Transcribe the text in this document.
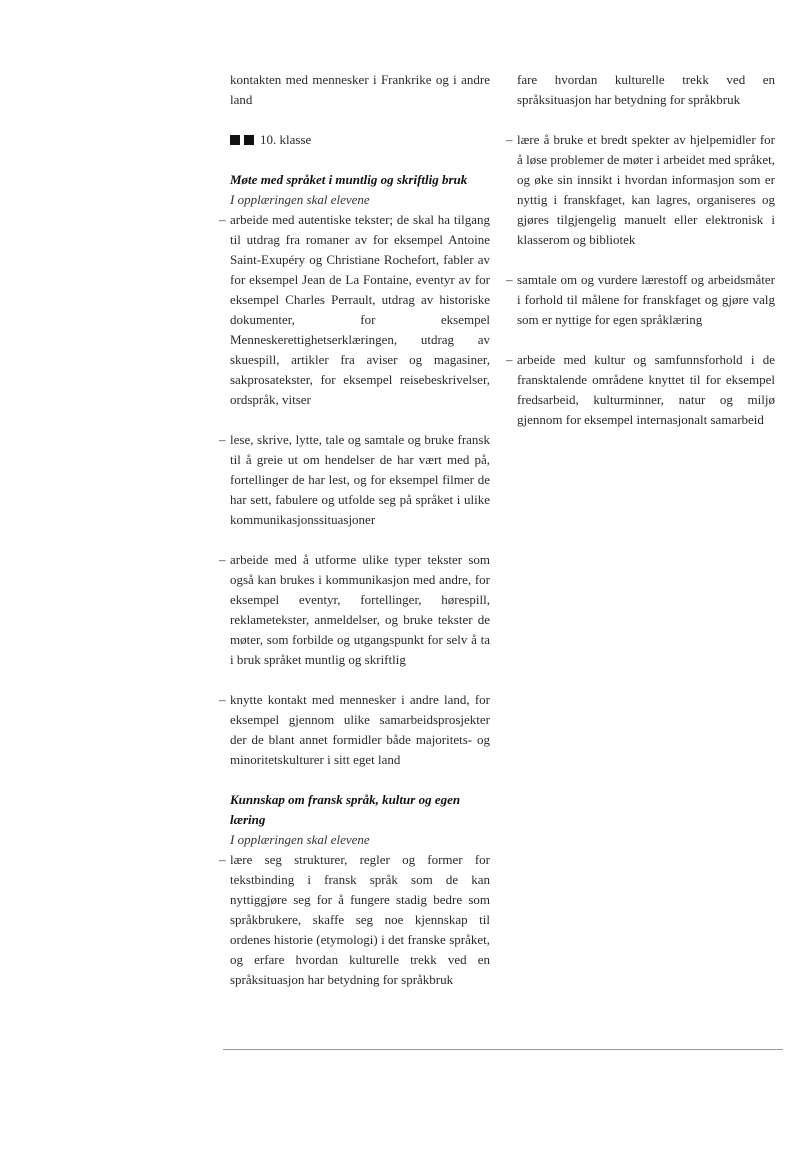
kontakten med mennesker i Frankrike og i andre land

10. klasse
Møte med språket i muntlig og skriftlig bruk
I opplæringen skal elevene
– arbeide med autentiske tekster; de skal ha tilgang til utdrag fra romaner av for eksempel Antoine Saint-Exupéry og Christiane Rochefort, fabler av for eksempel Jean de La Fontaine, eventyr av for eksempel Charles Perrault, utdrag av historiske dokumenter, for eksempel Menneskerettighetserklæringen, utdrag av skuespill, artikler fra aviser og magasiner, sakprosatekster, for eksempel reisebeskrivelser, ordspråk, vitser
– lese, skrive, lytte, tale og samtale og bruke fransk til å greie ut om hendelser de har vært med på, fortellinger de har lest, og for eksempel filmer de har sett, fabulere og utfolde seg på språket i ulike kommunikasjonssituasjoner
– arbeide med å utforme ulike typer tekster som også kan brukes i kommunikasjon med andre, for eksempel eventyr, fortellinger, hørespill, reklametekster, anmeldelser, og bruke tekster de møter, som forbilde og utgangspunkt for selv å ta i bruk språket muntlig og skriftlig
– knytte kontakt med mennesker i andre land, for eksempel gjennom ulike samarbeidsprosjekter der de blant annet formidler både majoritets- og minoritetskulturer i sitt eget land
Kunnskap om fransk språk, kultur og egen læring
I opplæringen skal elevene
– lære seg strukturer, regler og former for tekstbinding i fransk språk som de kan nyttiggjøre seg for å fungere stadig bedre som språkbrukere, skaffe seg noe kjennskap til ordenes historie (etymologi) i det franske språket, og erfare hvordan kulturelle trekk ved en språksituasjon har betydning for språkbruk

fare hvordan kulturelle trekk ved en språksituasjon har betydning for språkbruk

– lære å bruke et bredt spekter av hjelpemidler for å løse problemer de møter i arbeidet med språket, og øke sin innsikt i hvordan informasjon som er nyttig i franskfaget, kan lagres, organiseres og gjøres tilgjengelig manuelt eller elektronisk i klasserom og bibliotek
– samtale om og vurdere lærestoff og arbeidsmåter i forhold til målene for franskfaget og gjøre valg som er nyttige for egen språklæring
– arbeide med kultur og samfunnsforhold i de fransktalende områdene knyttet til for eksempel fredsarbeid, kulturminner, natur og miljø gjennom for eksempel internasjonalt samarbeid
